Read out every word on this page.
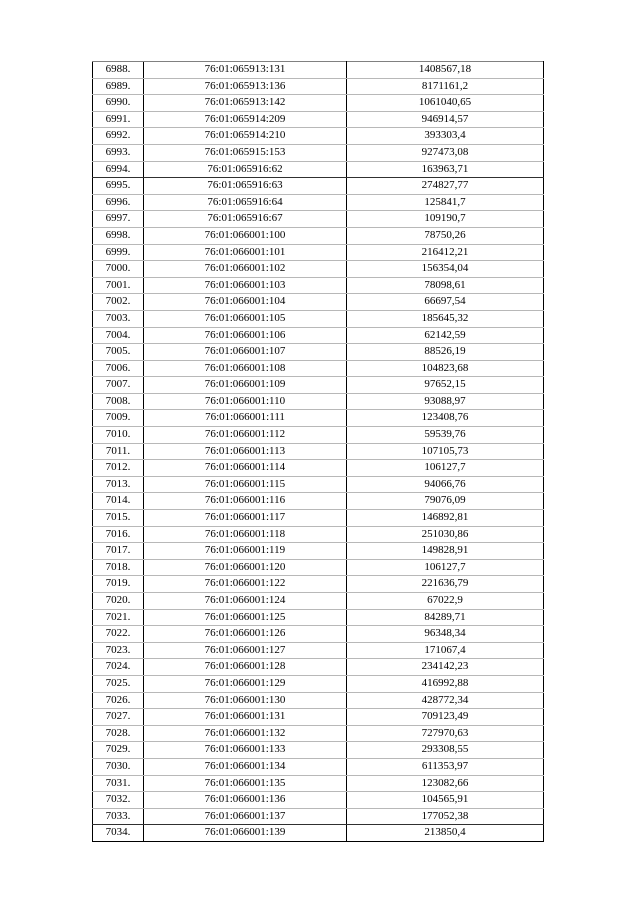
6988.	76:01:065913:131	1408567,18
6989.	76:01:065913:136	8171161,2
6990.	76:01:065913:142	1061040,65
6991.	76:01:065914:209	946914,57
6992.	76:01:065914:210	393303,4
6993.	76:01:065915:153	927473,08
6994.	76:01:065916:62	163963,71
6995.	76:01:065916:63	274827,77
6996.	76:01:065916:64	125841,7
6997.	76:01:065916:67	109190,7
6998.	76:01:066001:100	78750,26
6999.	76:01:066001:101	216412,21
7000.	76:01:066001:102	156354,04
7001.	76:01:066001:103	78098,61
7002.	76:01:066001:104	66697,54
7003.	76:01:066001:105	185645,32
7004.	76:01:066001:106	62142,59
7005.	76:01:066001:107	88526,19
7006.	76:01:066001:108	104823,68
7007.	76:01:066001:109	97652,15
7008.	76:01:066001:110	93088,97
7009.	76:01:066001:111	123408,76
7010.	76:01:066001:112	59539,76
7011.	76:01:066001:113	107105,73
7012.	76:01:066001:114	106127,7
7013.	76:01:066001:115	94066,76
7014.	76:01:066001:116	79076,09
7015.	76:01:066001:117	146892,81
7016.	76:01:066001:118	251030,86
7017.	76:01:066001:119	149828,91
7018.	76:01:066001:120	106127,7
7019.	76:01:066001:122	221636,79
7020.	76:01:066001:124	67022,9
7021.	76:01:066001:125	84289,71
7022.	76:01:066001:126	96348,34
7023.	76:01:066001:127	171067,4
7024.	76:01:066001:128	234142,23
7025.	76:01:066001:129	416992,88
7026.	76:01:066001:130	428772,34
7027.	76:01:066001:131	709123,49
7028.	76:01:066001:132	727970,63
7029.	76:01:066001:133	293308,55
7030.	76:01:066001:134	611353,97
7031.	76:01:066001:135	123082,66
7032.	76:01:066001:136	104565,91
7033.	76:01:066001:137	177052,38
7034.	76:01:066001:139	213850,4
